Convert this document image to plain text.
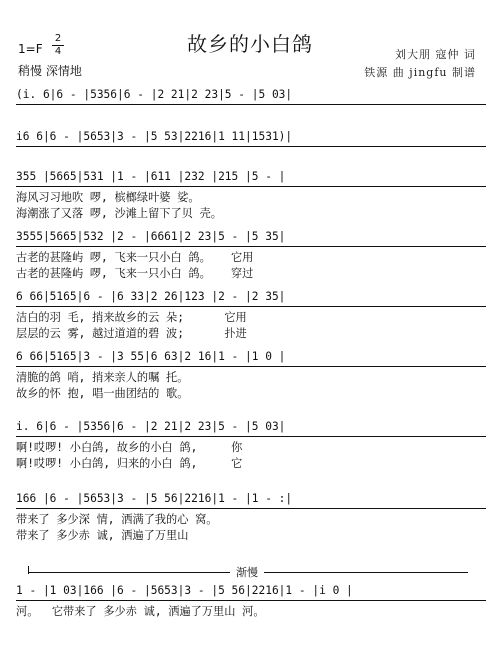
故乡的小白鸽
1=F
2
4
稍慢 深情地
刘大朋 寇仲 词
铁源 曲 jingfu 制谱
(i. 6|6 - |5356|6 - |2 21|2 23|5 - |5 03|
i6 6|6 - |5653|3 - |5 53|2216|1 11|1531)|
355 |5665|531 |1 - |611 |232 |215 |5 - |
海风习习地吹 啰, 槟榔绿叶婆 娑。
海潮涨了又落 啰, 沙滩上留下了贝 壳。
3555|5665|532 |2 - |6661|2 23|5 - |5 35|
古老的甚隆屿 啰, 飞来一只小白 鸽。   它用
古老的甚隆屿 啰, 飞来一只小白 鸽。   穿过
6 66|5165|6 - |6 33|2 26|123 |2 - |2 35|
洁白的羽 毛, 捎来故乡的云 朵;      它用
层层的云 雾, 越过道道的碧 波;      扑进
6 66|5165|3 - |3 55|6 63|2 16|1 - |1 0 |
清脆的鸽 哨, 捎来亲人的嘱 托。
故乡的怀 抱, 唱一曲团结的 歌。
i. 6|6 - |5356|6 - |2 21|2 23|5 - |5 03|
啊!哎啰! 小白鸽, 故乡的小白 鸽,     你
啊!哎啰! 小白鸽, 归来的小白 鸽,     它
166 |6 - |5653|3 - |5 56|2216|1 - |1 - :|
带来了 多少深 情, 洒满了我的心 窝。
带来了 多少赤 诚, 洒遍了万里山
渐慢
1 - |1 03|166 |6 - |5653|3 - |5 56|2216|1 - |i 0 |
河。  它带来了 多少赤 诚, 洒遍了万里山 河。
